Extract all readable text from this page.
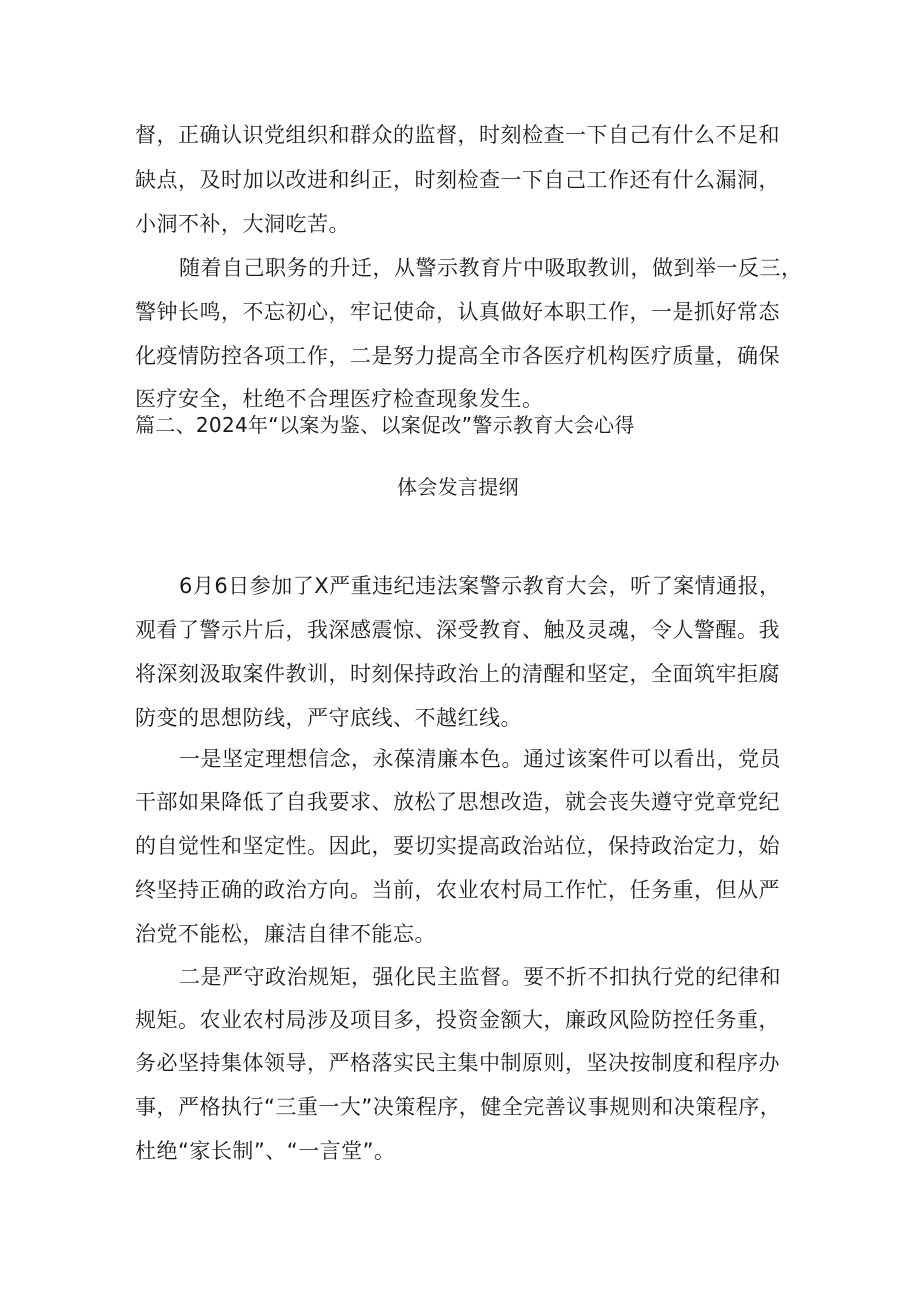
督，正确认识党组织和群众的监督，时刻检查一下自己有什么不足和
缺点，及时加以改进和纠正，时刻检查一下自己工作还有什么漏洞，
小洞不补，大洞吃苦。
随着自己职务的升迁，从警示教育片中吸取教训，做到举一反三，
警钟长鸣，不忘初心，牢记使命，认真做好本职工作，一是抓好常态
化疫情防控各项工作，二是努力提高全市各医疗机构医疗质量，确保
医疗安全，杜绝不合理医疗检查现象发生。
篇二、2024年“以案为鉴、以案促改”警示教育大会心得
体会发言提纲
6月6日参加了X严重违纪违法案警示教育大会，听了案情通报，
观看了警示片后，我深感震惊、深受教育、触及灵魂，令人警醒。我
将深刻汲取案件教训，时刻保持政治上的清醒和坚定，全面筑牢拒腐
防变的思想防线，严守底线、不越红线。
一是坚定理想信念，永葆清廉本色。通过该案件可以看出，党员
干部如果降低了自我要求、放松了思想改造，就会丧失遵守党章党纪
的自觉性和坚定性。因此，要切实提高政治站位，保持政治定力，始
终坚持正确的政治方向。当前，农业农村局工作忙，任务重，但从严
治党不能松，廉洁自律不能忘。
二是严守政治规矩，强化民主监督。要不折不扣执行党的纪律和
规矩。农业农村局涉及项目多，投资金额大，廉政风险防控任务重，
务必坚持集体领导，严格落实民主集中制原则，坚决按制度和程序办
事，严格执行“三重一大”决策程序，健全完善议事规则和决策程序，
杜绝“家长制”、“一言堂”。
